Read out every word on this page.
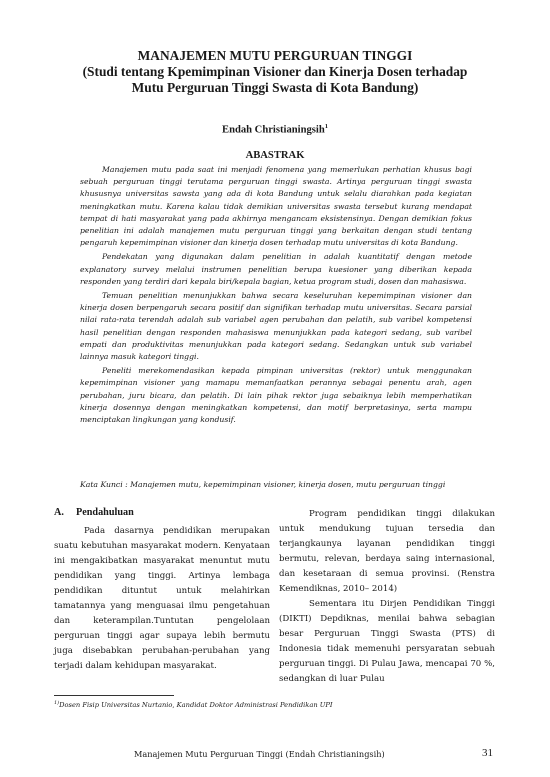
MANAJEMEN MUTU PERGURUAN TINGGI

(Studi tentang Kpemimpinan Visioner dan Kinerja Dosen terhadap

Mutu Perguruan Tinggi Swasta di Kota Bandung)

Endah Christianingsih$^1$
ABASTRAK

Manajemen mutu pada saat ini menjadi fenomena yang memerlukan perhatian khusus bagi sebuah perguruan tinggi terutama perguruan tinggi swasta. Artinya perguruan tinggi swasta khususnya universitas sawsta yang ada di kota Bandung untuk selalu diarahkan pada kegiatan meningkatkan mutu. Karena kalau tidak demikian universitas swasta tersebut kurang mendapat tempat di hati masyarakat yang pada akhirnya mengancam eksistensinya. Dengan demikian fokus penelitian ini adalah manajemen mutu perguruan tinggi yang berkaitan dengan studi tentang pengaruh kepemimpinan visioner dan kinerja dosen terhadap mutu universitas di kota Bandung.

Pendekatan yang digunakan dalam penelitian in adalah kuantitatif dengan metode explanatory survey melalui instrumen penelitian berupa kuesioner yang diberikan kepada responden yang terdiri dari kepala biri/kepala bagian, ketua program studi, dosen dan mahasiswa.

Temuan penelitian menunjukkan bahwa secara keseluruhan kepemimpinan visioner dan kinerja dosen berpengaruh secara positif dan signifikan terhadap mutu universitas. Secara parsial nilai rata-rata terendah adalah sub variabel agen perubahan dan pelatih, sub varibel kompetensi hasil penelitian dengan responden mahasiswa menunjukkan pada kategori sedang, sub varibel empati dan produktivitas menunjukkan pada kategori sedang. Sedangkan untuk sub variabel lainnya masuk kategori tinggi.

Peneliti merekomendasikan kepada pimpinan universitas (rektor) untuk menggunakan kepemimpinan visioner yang mamapu memanfaatkan perannya sebagai penentu arah, agen perubahan, juru bicara, dan pelatih. Di lain pihak rektor juga sebaiknya lebih memperhatikan kinerja dosennya dengan meningkatkan kompetensi, dan motif berpretasinya, serta mampu menciptakan lingkungan yang kondusif.

Kata Kunci : Manajemen mutu, kepemimpinan visioner, kinerja dosen, mutu perguruan tinggi
A. Pendahuluan

Pada dasarnya pendidikan merupakan suatu kebutuhan masyarakat modern. Kenyataan ini mengakibatkan masyarakat menuntut mutu pendidikan yang tinggi. Artinya lembaga pendidikan dituntut untuk melahirkan tamatannya yang menguasai ilmu pengetahuan dan keterampilan.Tuntutan pengelolaan perguruan tinggi agar supaya lebih bermutu juga disebabkan perubahan-perubahan yang terjadi dalam kehidupan masyarakat.

Program pendidikan tinggi dilakukan untuk mendukung tujuan tersedia dan terjangkaunya layanan pendidikan tinggi bermutu, relevan, berdaya saing internasional, dan kesetaraan di semua provinsi. (Renstra Kemendiknas, 2010– 2014)

Sementara itu Dirjen Pendidikan Tinggi (DIKTI) Depdiknas, menilai bahwa sebagian besar Perguruan Tinggi Swasta (PTS) di Indonesia tidak memenuhi persyaratan sebuah perguruan tinggi. Di Pulau Jawa, mencapai 70 %, sedangkan di luar Pulau

$^{1)}$Dosen Fisip Universitas Nurtanio, Kandidat Doktor Administrasi Pendidikan UPI
Manajemen Mutu Perguruan Tinggi (Endah Christianingsih)	31
